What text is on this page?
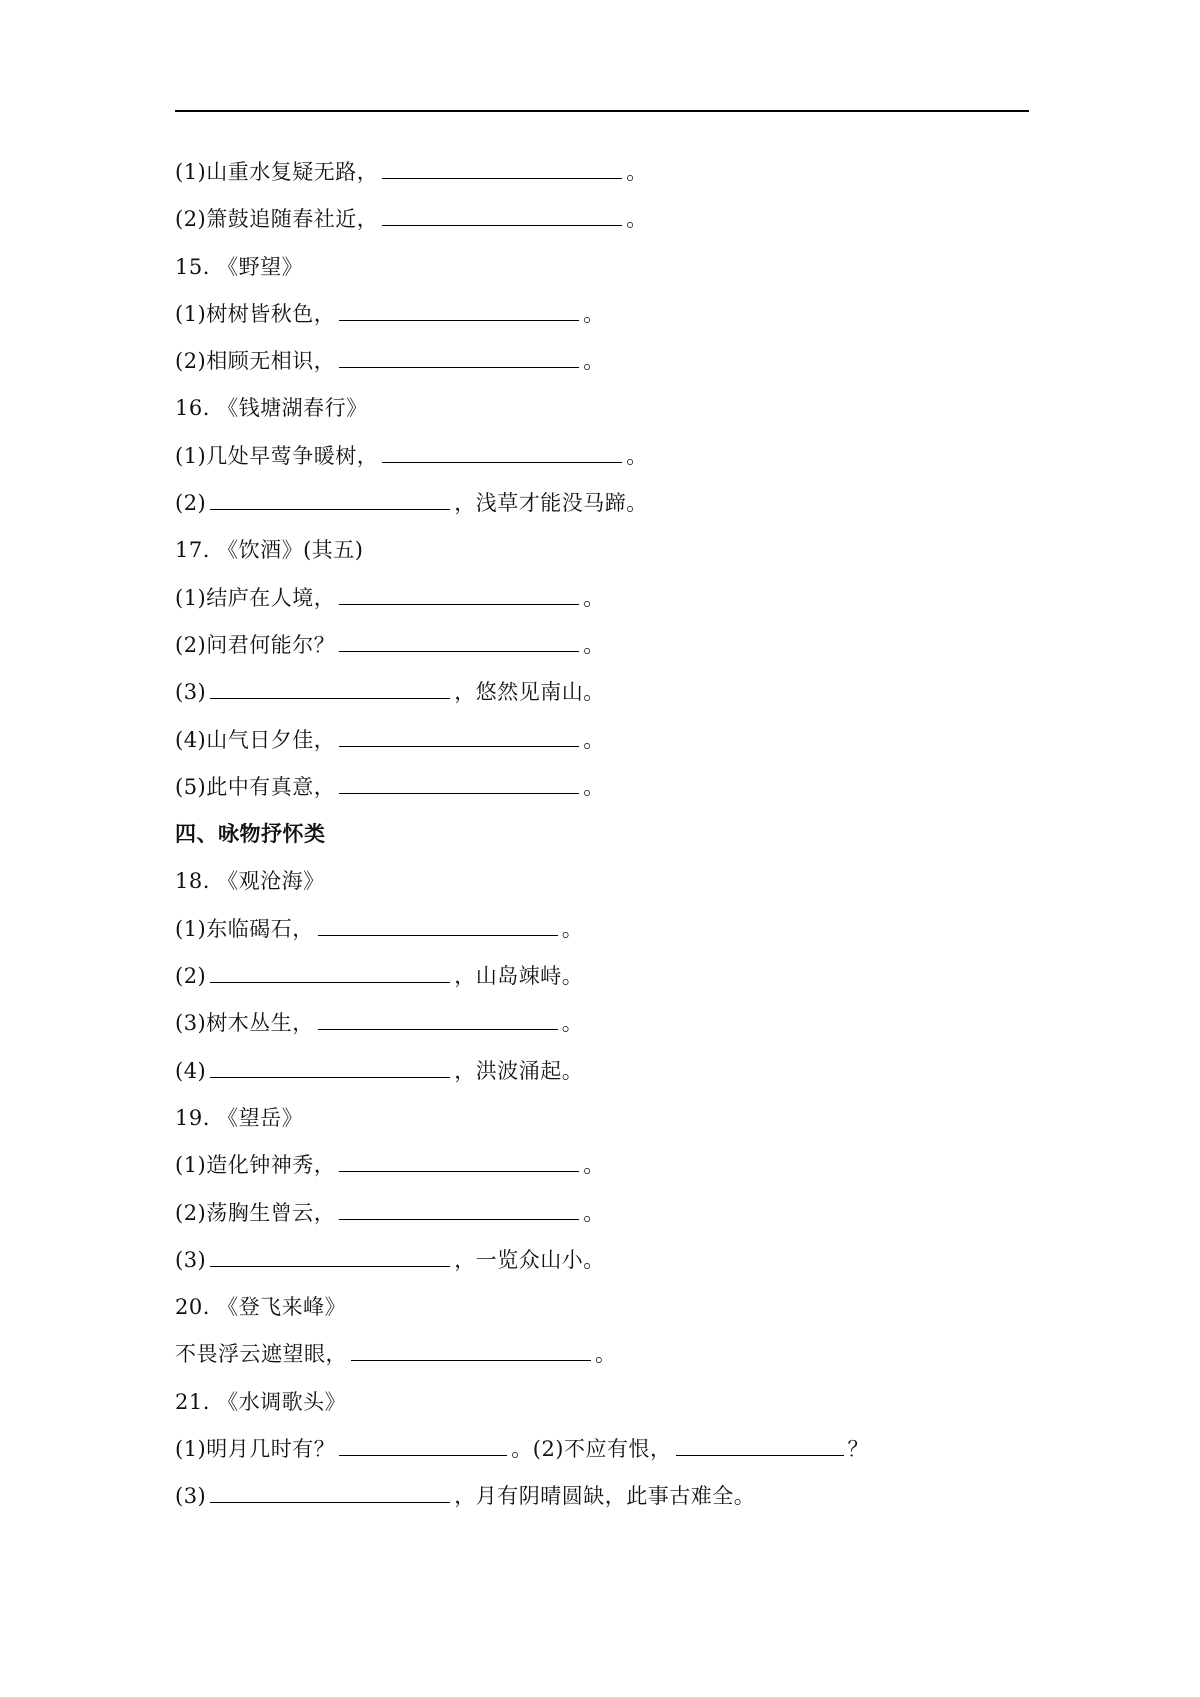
(1)山重水复疑无路，	。
(2)箫鼓追随春社近，	。
15. 《野望》
(1)树树皆秋色，	。
(2)相顾无相识，	。
16. 《钱塘湖春行》
(1)几处早莺争暖树，	。
(2)	，浅草才能没马蹄。
17. 《饮酒》(其五)
(1)结庐在人境，	。
(2)问君何能尔？	。
(3)	，悠然见南山。
(4)山气日夕佳，	。
(5)此中有真意，	。
四、咏物抒怀类
18. 《观沧海》
(1)东临碣石，	。
(2)	，山岛竦峙。
(3)树木丛生，	。
(4)	，洪波涌起。
19. 《望岳》
(1)造化钟神秀，	。
(2)荡胸生曾云，	。
(3)	，一览众山小。
20. 《登飞来峰》
不畏浮云遮望眼，	。
21. 《水调歌头》
(1)明月几时有？	。(2)不应有恨，	？
(3)	，月有阴晴圆缺，此事古难全。
